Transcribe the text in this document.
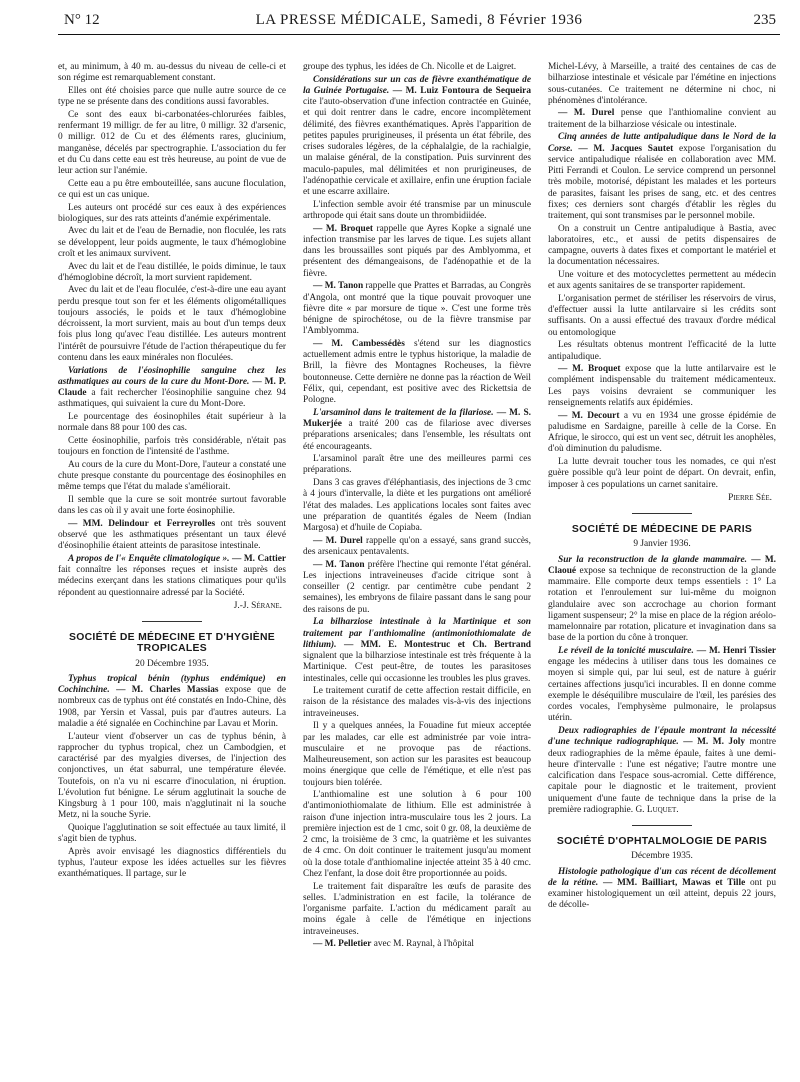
N° 12	LA PRESSE MÉDICALE, Samedi, 8 Février 1936	235

et, au minimum, à 40 m. au-dessus du niveau de celle-ci et son régime est remarquablement constant.

Elles ont été choisies parce que nulle autre source de ce type ne se présente dans des conditions aussi favorables.

Ce sont des eaux bi-carbonatées-chlorurées faibles, renfermant 19 milligr. de fer au litre, 0 milligr. 32 d'arsenic, 0 milligr. 012 de Cu et des éléments rares, glucinium, manganèse, décelés par spectrographie. L'association du fer et du Cu dans cette eau est très heureuse, au point de vue de leur action sur l'anémie.

Cette eau a pu être embouteillée, sans aucune floculation, ce qui est un cas unique.

Les auteurs ont procédé sur ces eaux à des expériences biologiques, sur des rats atteints d'anémie expérimentale.

Avec du lait et de l'eau de Bernadie, non floculée, les rats se développent, leur poids augmente, le taux d'hémoglobine croît et les animaux survivent.

Avec du lait et de l'eau distillée, le poids diminue, le taux d'hémoglobine décroît, la mort survient rapidement.

Avec du lait et de l'eau floculée, c'est-à-dire une eau ayant perdu presque tout son fer et les éléments oligométalliques toujours associés, le poids et le taux d'hémoglobine décroissent, la mort survient, mais au bout d'un temps deux fois plus long qu'avec l'eau distillée. Les auteurs montrent l'intérêt de poursuivre l'étude de l'action thérapeutique du fer contenu dans les eaux minérales non floculées.

Variations de l'éosinophilie sanguine chez les asthmatiques au cours de la cure du Mont-Dore. — M. P. Claude a fait rechercher l'éosinophilie sanguine chez 94 asthmatiques, qui suivaient la cure du Mont-Dore.

Le pourcentage des éosinophiles était supérieur à la normale dans 88 pour 100 des cas.

Cette éosinophilie, parfois très considérable, n'était pas toujours en fonction de l'intensité de l'asthme.

Au cours de la cure du Mont-Dore, l'auteur a constaté une chute presque constante du pourcentage des éosinophiles en même temps que l'état du malade s'améliorait.

Il semble que la cure se soit montrée surtout favorable dans les cas où il y avait une forte éosinophilie.

— MM. Delindour et Ferreyrolles ont très souvent observé que les asthmatiques présentant un taux élevé d'éosinophilie étaient atteints de parasitose intestinale.

A propos de l'« Enquête climatologique ». — M. Cattier fait connaître les réponses reçues et insiste auprès des médecins exerçant dans les stations climatiques pour qu'ils répondent au questionnaire adressé par la Société.

J.-J. Sérane.
SOCIÉTÉ DE MÉDECINE ET D'HYGIÈNE TROPICALES
20 Décembre 1935.

Typhus tropical bénin (typhus endémique) en Cochinchine. — M. Charles Massias expose que de nombreux cas de typhus ont été constatés en Indo-Chine, dès 1908, par Yersin et Vassal, puis par d'autres auteurs. La maladie a été signalée en Cochinchine par Lavau et Morin.

L'auteur vient d'observer un cas de typhus bénin, à rapprocher du typhus tropical, chez un Cambodgien, et caractérisé par des myalgies diverses, de l'injection des conjonctives, un état saburral, une température élevée. Toutefois, on n'a vu ni escarre d'inoculation, ni éruption. L'évolution fut bénigne. Le sérum agglutinait la souche de Kingsburg à 1 pour 100, mais n'agglutinait ni la souche Metz, ni la souche Syrie.

Quoique l'agglutination se soit effectuée au taux limité, il s'agit bien de typhus.

Après avoir envisagé les diagnostics différentiels du typhus, l'auteur expose les idées actuelles sur les fièvres exanthématiques. Il partage, sur le

groupe des typhus, les idées de Ch. Nicolle et de Laigret.

Considérations sur un cas de fièvre exanthématique de la Guinée Portugaise. — M. Luiz Fontoura de Sequeira cite l'auto-observation d'une infection contractée en Guinée, et qui doit rentrer dans le cadre, encore incomplètement délimité, des fièvres exanthématiques. Après l'apparition de petites papules prurigineuses, il présenta un état fébrile, des crises sudorales légères, de la céphalalgie, de la rachialgie, un malaise général, de la constipation. Puis survinrent des maculo-papules, mal délimitées et non prurigineuses, de l'adénopathie cervicale et axillaire, enfin une éruption faciale et une escarre axillaire.

L'infection semble avoir été transmise par un minuscule arthropode qui était sans doute un thrombidiidée.

— M. Broquet rappelle que Ayres Kopke a signalé une infection transmise par les larves de tique. Les sujets allant dans les broussailles sont piqués par des Amblyomma, et présentent des démangeaisons, de l'adénopathie et de la fièvre.

— M. Tanon rappelle que Prattes et Barradas, au Congrès d'Angola, ont montré que la tique pouvait provoquer une fièvre dite « par morsure de tique ». C'est une forme très bénigne de spirochétose, ou de la fièvre transmise par l'Amblyomma.

— M. Cambessédès s'étend sur les diagnostics actuellement admis entre le typhus historique, la maladie de Brill, la fièvre des Montagnes Rocheuses, la fièvre boutonneuse. Cette dernière ne donne pas la réaction de Weil Félix, qui, cependant, est positive avec des Rickettsia de Pologne.

L'arsaminol dans le traitement de la filariose. — M. S. Mukerjée a traité 200 cas de filariose avec diverses préparations arsenicales; dans l'ensemble, les résultats ont été encourageants.

L'arsaminol paraît être une des meilleures parmi ces préparations.

Dans 3 cas graves d'éléphantiasis, des injections de 3 cmc à 4 jours d'intervalle, la diète et les purgations ont amélioré l'état des malades. Les applications locales sont faites avec une préparation de quantités égales de Neem (Indian Margosa) et d'huile de Copiaba.

— M. Durel rappelle qu'on a essayé, sans grand succès, des arsenicaux pentavalents.

— M. Tanon préfère l'hectine qui remonte l'état général. Les injections intraveineuses d'acide citrique sont à conseiller (2 centigr. par centimètre cube pendant 2 semaines), les embryons de filaire passant dans le sang pour des raisons de pu.

La bilharziose intestinale à la Martinique et son traitement par l'anthiomaline (antimoniothiomalate de lithium). — MM. E. Montestruc et Ch. Bertrand signalent que la bilharziose intestinale est très fréquente à la Martinique. C'est peut-être, de toutes les parasitoses intestinales, celle qui occasionne les troubles les plus graves.

Le traitement curatif de cette affection restait difficile, en raison de la résistance des malades vis-à-vis des injections intraveineuses.

Il y a quelques années, la Fouadine fut mieux acceptée par les malades, car elle est administrée par voie intra-musculaire et ne provoque pas de réactions. Malheureusement, son action sur les parasites est beaucoup moins énergique que celle de l'émétique, et elle n'est pas toujours bien tolérée.

L'anthiomaline est une solution à 6 pour 100 d'antimoniothiomalate de lithium. Elle est administrée à raison d'une injection intra-musculaire tous les 2 jours. La première injection est de 1 cmc, soit 0 gr. 08, la deuxième de 2 cmc, la troisième de 3 cmc, la quatrième et les suivantes de 4 cmc. On doit continuer le traitement jusqu'au moment où la dose totale d'anthiomaline injectée atteint 35 à 40 cmc. Chez l'enfant, la dose doit être proportionnée au poids.

Le traitement fait disparaître les œufs de parasite des selles. L'administration en est facile, la tolérance de l'organisme parfaite. L'action du médicament paraît au moins égale à celle de l'émétique en injections intraveineuses.

— M. Pelletier avec M. Raynal, à l'hôpital

Michel-Lévy, à Marseille, a traité des centaines de cas de bilharziose intestinale et vésicale par l'émétine en injections sous-cutanées. Ce traitement ne détermine ni choc, ni phénomènes d'intolérance.

— M. Durel pense que l'anthiomaline convient au traitement de la bilharziose vésicale ou intestinale.

Cinq années de lutte antipaludique dans le Nord de la Corse. — M. Jacques Sautet expose l'organisation du service antipaludique réalisée en collaboration avec MM. Pitti Ferrandi et Coulon. Le service comprend un personnel très mobile, motorisé, dépistant les malades et les porteurs de parasites, faisant les prises de sang, etc. et des centres fixes; ces derniers sont chargés d'établir les règles du traitement, qui sont transmises par le personnel mobile.

On a construit un Centre antipaludique à Bastia, avec laboratoires, etc., et aussi de petits dispensaires de campagne, ouverts à dates fixes et comportant le matériel et la documentation nécessaires.

Une voiture et des motocyclettes permettent au médecin et aux agents sanitaires de se transporter rapidement.

L'organisation permet de stériliser les réservoirs de virus, d'effectuer aussi la lutte antilarvaire si les crédits sont suffisants. On a aussi effectué des travaux d'ordre médical ou entomologique

Les résultats obtenus montrent l'efficacité de la lutte antipaludique.

— M. Broquet expose que la lutte antilarvaire est le complément indispensable du traitement médicamenteux. Les pays voisins devraient se communiquer les renseignements relatifs aux épidémies.

— M. Decourt a vu en 1934 une grosse épidémie de paludisme en Sardaigne, pareille à celle de la Corse. En Afrique, le sirocco, qui est un vent sec, détruit les anophèles, d'où diminution du paludisme.

La lutte devrait toucher tous les nomades, ce qui n'est guère possible qu'à leur point de départ. On devrait, enfin, imposer à ces populations un carnet sanitaire.

Pierre Sée.
SOCIÉTÉ DE MÉDECINE DE PARIS
9 Janvier 1936.

Sur la reconstruction de la glande mammaire. — M. Claoué expose sa technique de reconstruction de la glande mammaire. Elle comporte deux temps essentiels : 1° La rotation et l'enroulement sur lui-même du moignon glandulaire avec son accrochage au chorion formant ligament suspenseur; 2° la mise en place de la région aréolo-mamelonnaire par rotation, plicature et invagination dans sa base de la portion du cône à tronquer.

Le réveil de la tonicité musculaire. — M. Henri Tissier engage les médecins à utiliser dans tous les domaines ce moyen si simple qui, par lui seul, est de nature à guérir certaines affections jusqu'ici incurables. Il en donne comme exemple le déséquilibre musculaire de l'œil, les parésies des cordes vocales, l'emphysème pulmonaire, le prolapsus utérin.

Deux radiographies de l'épaule montrant la nécessité d'une technique radiographique. — M. M. Joly montre deux radiographies de la même épaule, faites à une demi-heure d'intervalle : l'une est négative; l'autre montre une calcification dans l'espace sous-acromial. Cette différence, capitale pour le diagnostic et le traitement, provient uniquement d'une faute de technique dans la prise de la première radiographie. G. Luquet.

SOCIÉTÉ D'OPHTALMOLOGIE DE PARIS
Décembre 1935.

Histologie pathologique d'un cas récent de décollement de la rétine. — MM. Bailliart, Mawas et Tille ont pu examiner histologiquement un œil atteint, depuis 22 jours, de décolle-
